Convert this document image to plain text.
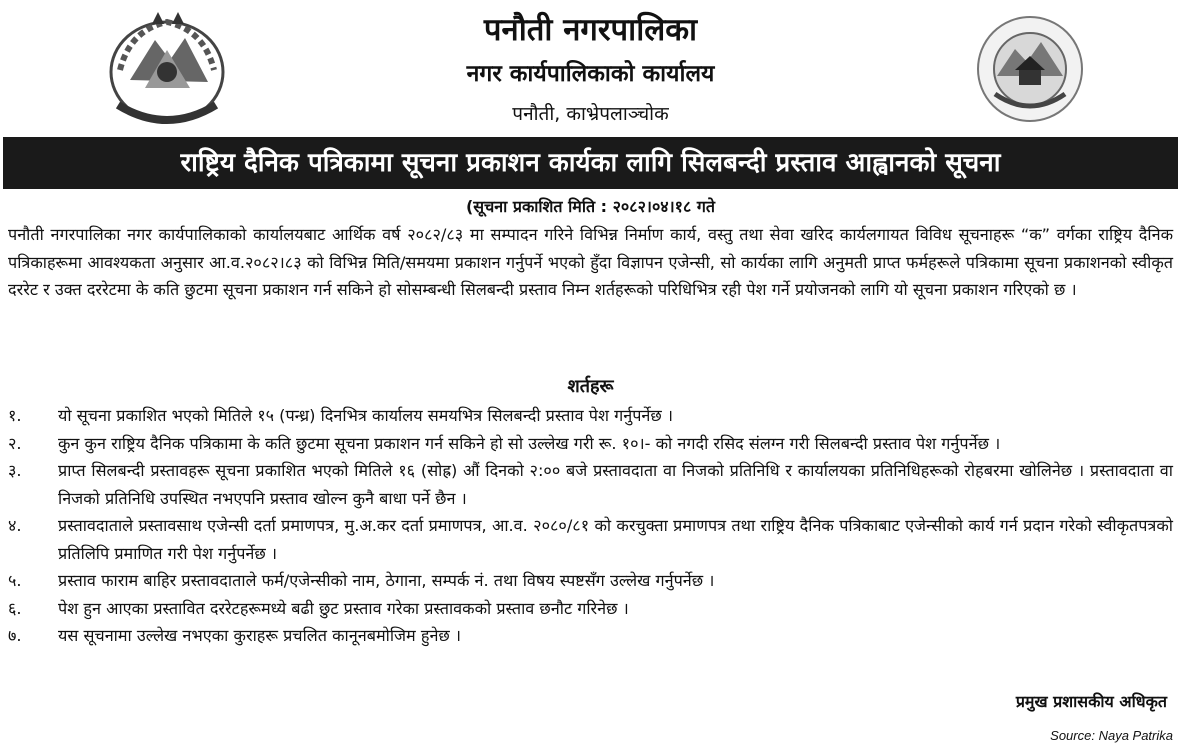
पनौती नगरपालिका
नगर कार्यपालिकाको कार्यालय
पनौती, काभ्रेपलाञ्चोक
राष्ट्रिय दैनिक पत्रिकामा सूचना प्रकाशन कार्यका लागि सिलबन्दी प्रस्ताव आह्वानको सूचना
(सूचना प्रकाशित मिति : २०८२।०४।१८ गते
पनौती नगरपालिका नगर कार्यपालिकाको कार्यालयबाट आर्थिक वर्ष २०८२/८३ मा सम्पादन गरिने विभिन्न निर्माण कार्य, वस्तु तथा सेवा खरिद कार्यलगायत विविध सूचनाहरू “क” वर्गका राष्ट्रिय दैनिक पत्रिकाहरूमा आवश्यकता अनुसार आ.व.२०८२।८३ को विभिन्न मिति/समयमा प्रकाशन गर्नुपर्ने भएको हुँदा विज्ञापन एजेन्सी, सो कार्यका लागि अनुमती प्राप्त फर्महरूले पत्रिकामा सूचना प्रकाशनको स्वीकृत दररेट र उक्त दररेटमा के कति छुटमा सूचना प्रकाशन गर्न सकिने हो सोसम्बन्धी सिलबन्दी प्रस्ताव निम्न शर्तहरूको परिधिभित्र रही पेश गर्ने प्रयोजनको लागि यो सूचना प्रकाशन गरिएको छ ।
शर्तहरू
१.	यो सूचना प्रकाशित भएको मितिले १५ (पन्ध्र) दिनभित्र कार्यालय समयभित्र सिलबन्दी प्रस्ताव पेश गर्नुपर्नेछ ।
२.	कुन कुन राष्ट्रिय दैनिक पत्रिकामा के कति छुटमा सूचना प्रकाशन गर्न सकिने हो सो उल्लेख गरी रू. १०।- को नगदी रसिद संलग्न गरी सिलबन्दी प्रस्ताव पेश गर्नुपर्नेछ ।
३.	प्राप्त सिलबन्दी प्रस्तावहरू सूचना प्रकाशित भएको मितिले १६ (सोह्र) औं दिनको २:०० बजे प्रस्तावदाता वा निजको प्रतिनिधि र कार्यालयका प्रतिनिधिहरूको रोहबरमा खोलिनेछ । प्रस्तावदाता वा निजको प्रतिनिधि उपस्थित नभएपनि प्रस्ताव खोल्न कुनै बाधा पर्ने छैन ।
४.	प्रस्तावदाताले प्रस्तावसाथ एजेन्सी दर्ता प्रमाणपत्र, मु.अ.कर दर्ता प्रमाणपत्र, आ.व. २०८०/८१ को करचुक्ता प्रमाणपत्र तथा राष्ट्रिय दैनिक पत्रिकाबाट एजेन्सीको कार्य गर्न प्रदान गरेको स्वीकृतपत्रको प्रतिलिपि प्रमाणित गरी पेश गर्नुपर्नेछ ।
५.	प्रस्ताव फाराम बाहिर प्रस्तावदाताले फर्म/एजेन्सीको नाम, ठेगाना, सम्पर्क नं. तथा विषय स्पष्टसँग उल्लेख गर्नुपर्नेछ ।
६.	पेश हुन आएका प्रस्तावित दररेटहरूमध्ये बढी छुट प्रस्ताव गरेका प्रस्तावकको प्रस्ताव छनौट गरिनेछ ।
७.	यस सूचनामा उल्लेख नभएका कुराहरू प्रचलित कानूनबमोजिम हुनेछ ।
प्रमुख प्रशासकीय अधिकृत
Source: Naya Patrika
